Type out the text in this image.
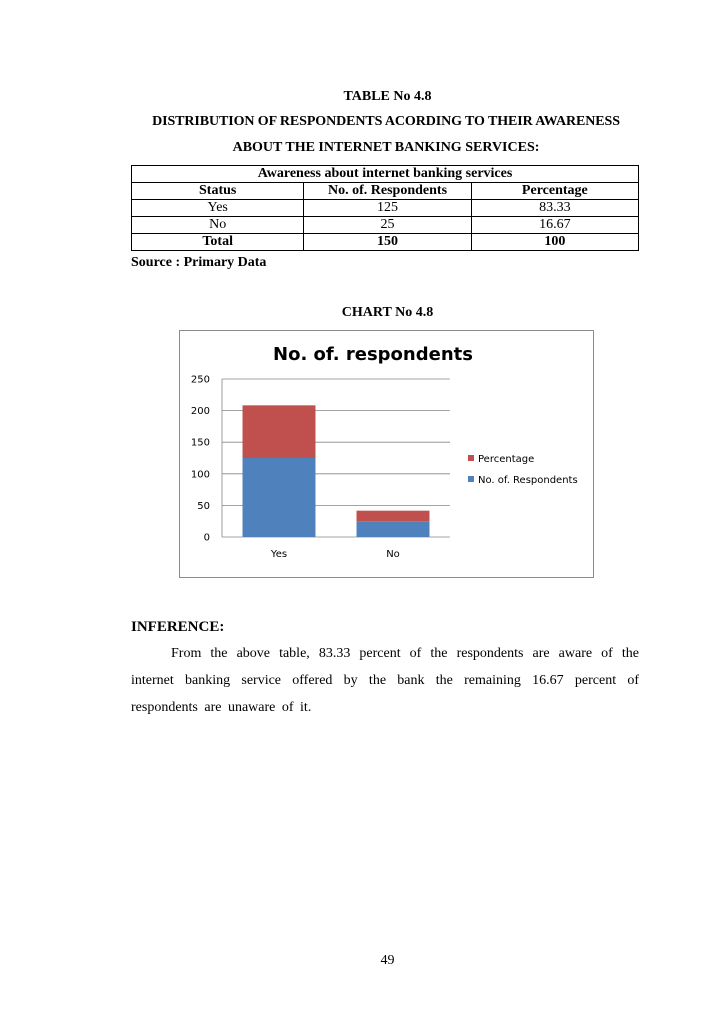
TABLE No 4.8
DISTRIBUTION OF RESPONDENTS ACORDING TO THEIR AWARENESS
ABOUT THE INTERNET BANKING SERVICES:
Awareness about internet banking services		
Status	No. of. Respondents	Percentage
Yes	125	83.33
No	25	16.67
Total	150	100
Source : Primary Data
CHART No 4.8
No. of. respondents
0
50
100
150
200
250
Yes	No
Percentage
No. of. Respondents
INFERENCE:
From the above table, 83.33 percent of the respondents are aware of the internet banking service offered by the bank the remaining 16.67 percent of respondents are unaware of it.
49
